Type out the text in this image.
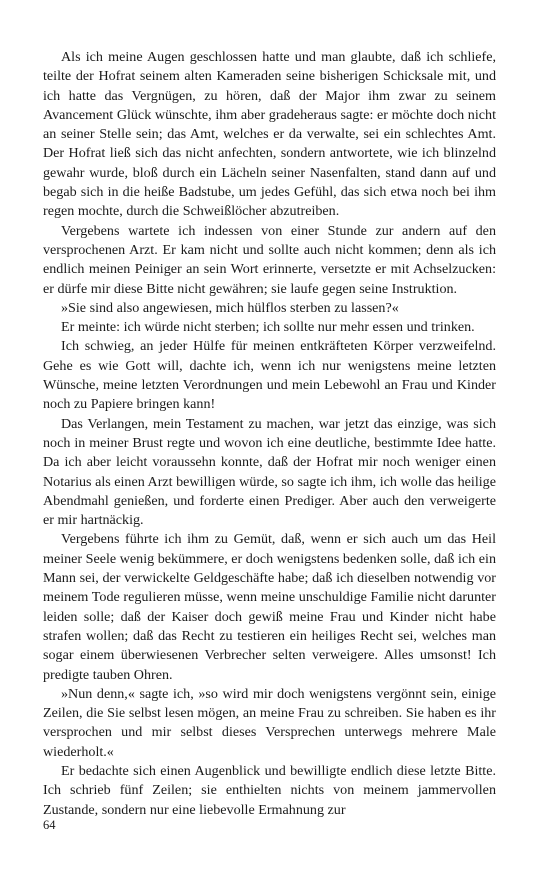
Als ich meine Augen geschlossen hatte und man glaubte, daß ich schliefe, teilte der Hofrat seinem alten Kameraden seine bisherigen Schicksale mit, und ich hatte das Vergnügen, zu hören, daß der Major ihm zwar zu seinem Avancement Glück wünschte, ihm aber gradeheraus sagte: er möchte doch nicht an seiner Stelle sein; das Amt, welches er da verwalte, sei ein schlechtes Amt. Der Hofrat ließ sich das nicht anfechten, sondern antwortete, wie ich blinzelnd gewahr wurde, bloß durch ein Lächeln seiner Nasenfalten, stand dann auf und begab sich in die heiße Badstube, um jedes Gefühl, das sich etwa noch bei ihm regen mochte, durch die Schweißlöcher abzutreiben.

Vergebens wartete ich indessen von einer Stunde zur andern auf den versprochenen Arzt. Er kam nicht und sollte auch nicht kommen; denn als ich endlich meinen Peiniger an sein Wort erinnerte, versetzte er mit Achselzucken: er dürfe mir diese Bitte nicht gewähren; sie laufe gegen seine Instruktion.

»Sie sind also angewiesen, mich hülflos sterben zu lassen?«

Er meinte: ich würde nicht sterben; ich sollte nur mehr essen und trinken.

Ich schwieg, an jeder Hülfe für meinen entkräfteten Körper verzweifelnd. Gehe es wie Gott will, dachte ich, wenn ich nur wenigstens meine letzten Wünsche, meine letzten Verordnungen und mein Lebewohl an Frau und Kinder noch zu Papiere bringen kann!

Das Verlangen, mein Testament zu machen, war jetzt das einzige, was sich noch in meiner Brust regte und wovon ich eine deutliche, bestimmte Idee hatte. Da ich aber leicht voraussehn konnte, daß der Hofrat mir noch weniger einen Notarius als einen Arzt bewilligen würde, so sagte ich ihm, ich wolle das heilige Abendmahl genießen, und forderte einen Prediger. Aber auch den verweigerte er mir hartnäckig.

Vergebens führte ich ihm zu Gemüt, daß, wenn er sich auch um das Heil meiner Seele wenig bekümmere, er doch wenigstens bedenken solle, daß ich ein Mann sei, der verwickelte Geldgeschäfte habe; daß ich dieselben notwendig vor meinem Tode regulieren müsse, wenn meine unschuldige Familie nicht darunter leiden solle; daß der Kaiser doch gewiß meine Frau und Kinder nicht habe strafen wollen; daß das Recht zu testieren ein heiliges Recht sei, welches man sogar einem überwiesenen Verbrecher selten verweigere. Alles umsonst! Ich predigte tauben Ohren.

»Nun denn,« sagte ich, »so wird mir doch wenigstens vergönnt sein, einige Zeilen, die Sie selbst lesen mögen, an meine Frau zu schreiben. Sie haben es ihr versprochen und mir selbst dieses Versprechen unterwegs mehrere Male wiederholt.«

Er bedachte sich einen Augenblick und bewilligte endlich diese letzte Bitte. Ich schrieb fünf Zeilen; sie enthielten nichts von meinem jammervollen Zustande, sondern nur eine liebevolle Ermahnung zur

64
